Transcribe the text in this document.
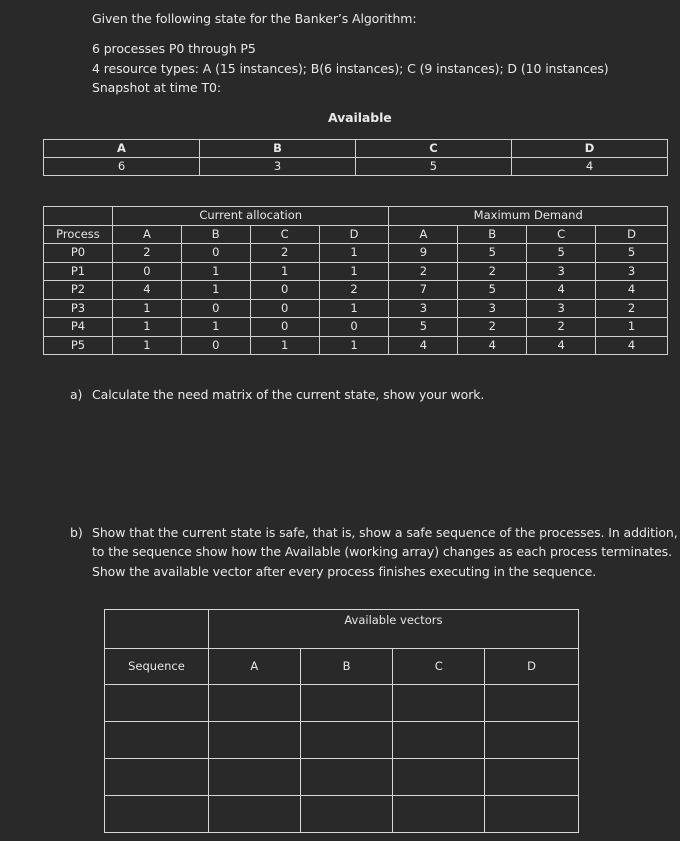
Given the following state for the Banker’s Algorithm:
6 processes P0 through P5
4 resource types: A (15 instances); B(6 instances); C (9 instances); D (10 instances)
Snapshot at time T0:
Available
A	B	C	D
6	3	5	4
	Current allocation				Maximum Demand			
Process	A	B	C	D	A	B	C	D
P0	2	0	2	1	9	5	5	5
P1	0	1	1	1	2	2	3	3
P2	4	1	0	2	7	5	4	4
P3	1	0	0	1	3	3	3	2
P4	1	1	0	0	5	2	2	1
P5	1	0	1	1	4	4	4	4
a) Calculate the need matrix of the current state, show your work.
b) Show that the current state is safe, that is, show a safe sequence of the processes. In addition,
to the sequence show how the Available (working array) changes as each process terminates.
Show the available vector after every process finishes executing in the sequence.
	Available vectors			
Sequence	A	B	C	D
